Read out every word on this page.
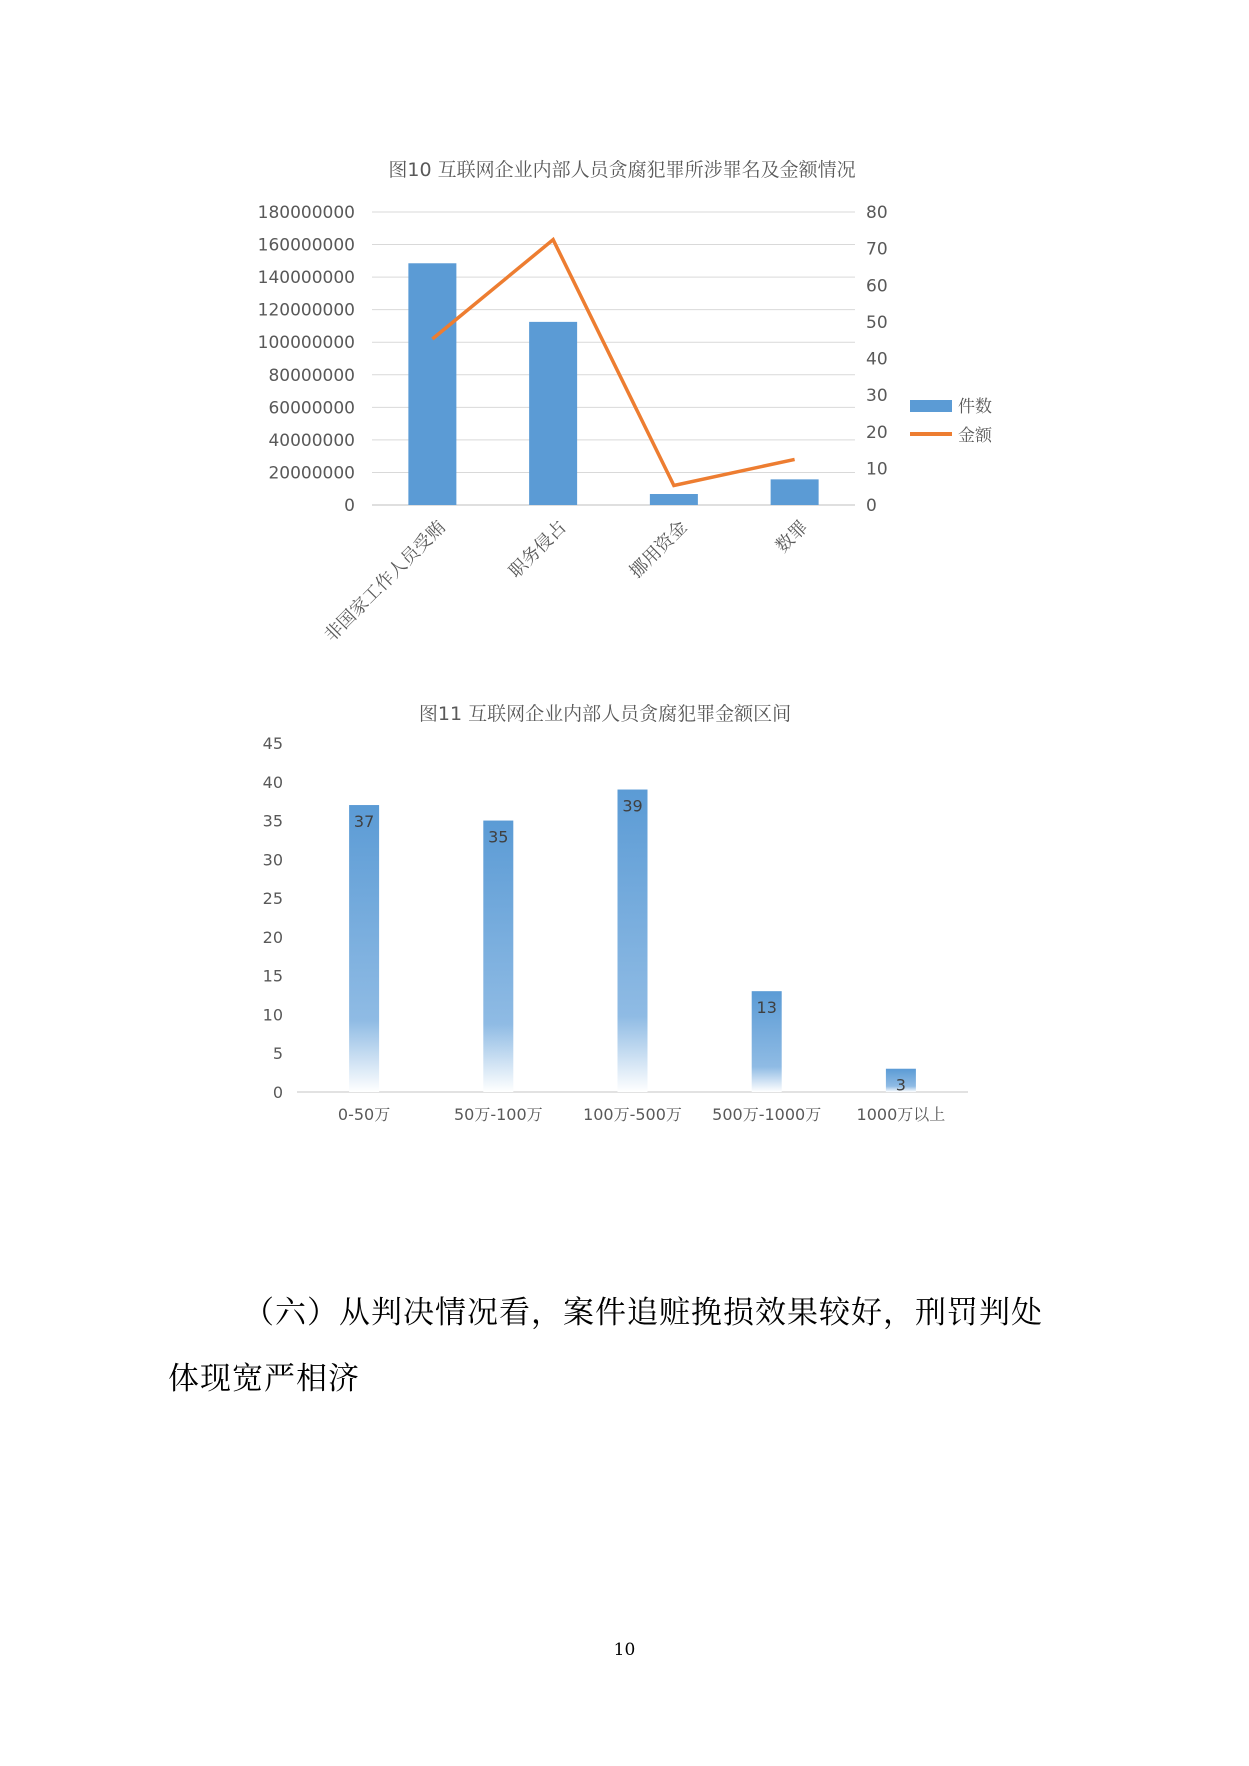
图10 互联网企业内部人员贪腐犯罪所涉罪名及金额情况
0
20000000
40000000
60000000
80000000
100000000
120000000
140000000
160000000
180000000
0
10
20
30
40
50
60
70
80
非国家工作人员受贿	职务侵占	挪用资金	数罪
件数
金额
图11 互联网企业内部人员贪腐犯罪金额区间
0
5
10
15
20
25
30
35
40
45
37
35
39
13
3
0-50万	50万-100万	100万-500万 500万-1000万 1000万以上
（六）从判决情况看，案件追赃挽损效果较好，刑罚判处
体现宽严相济
10
